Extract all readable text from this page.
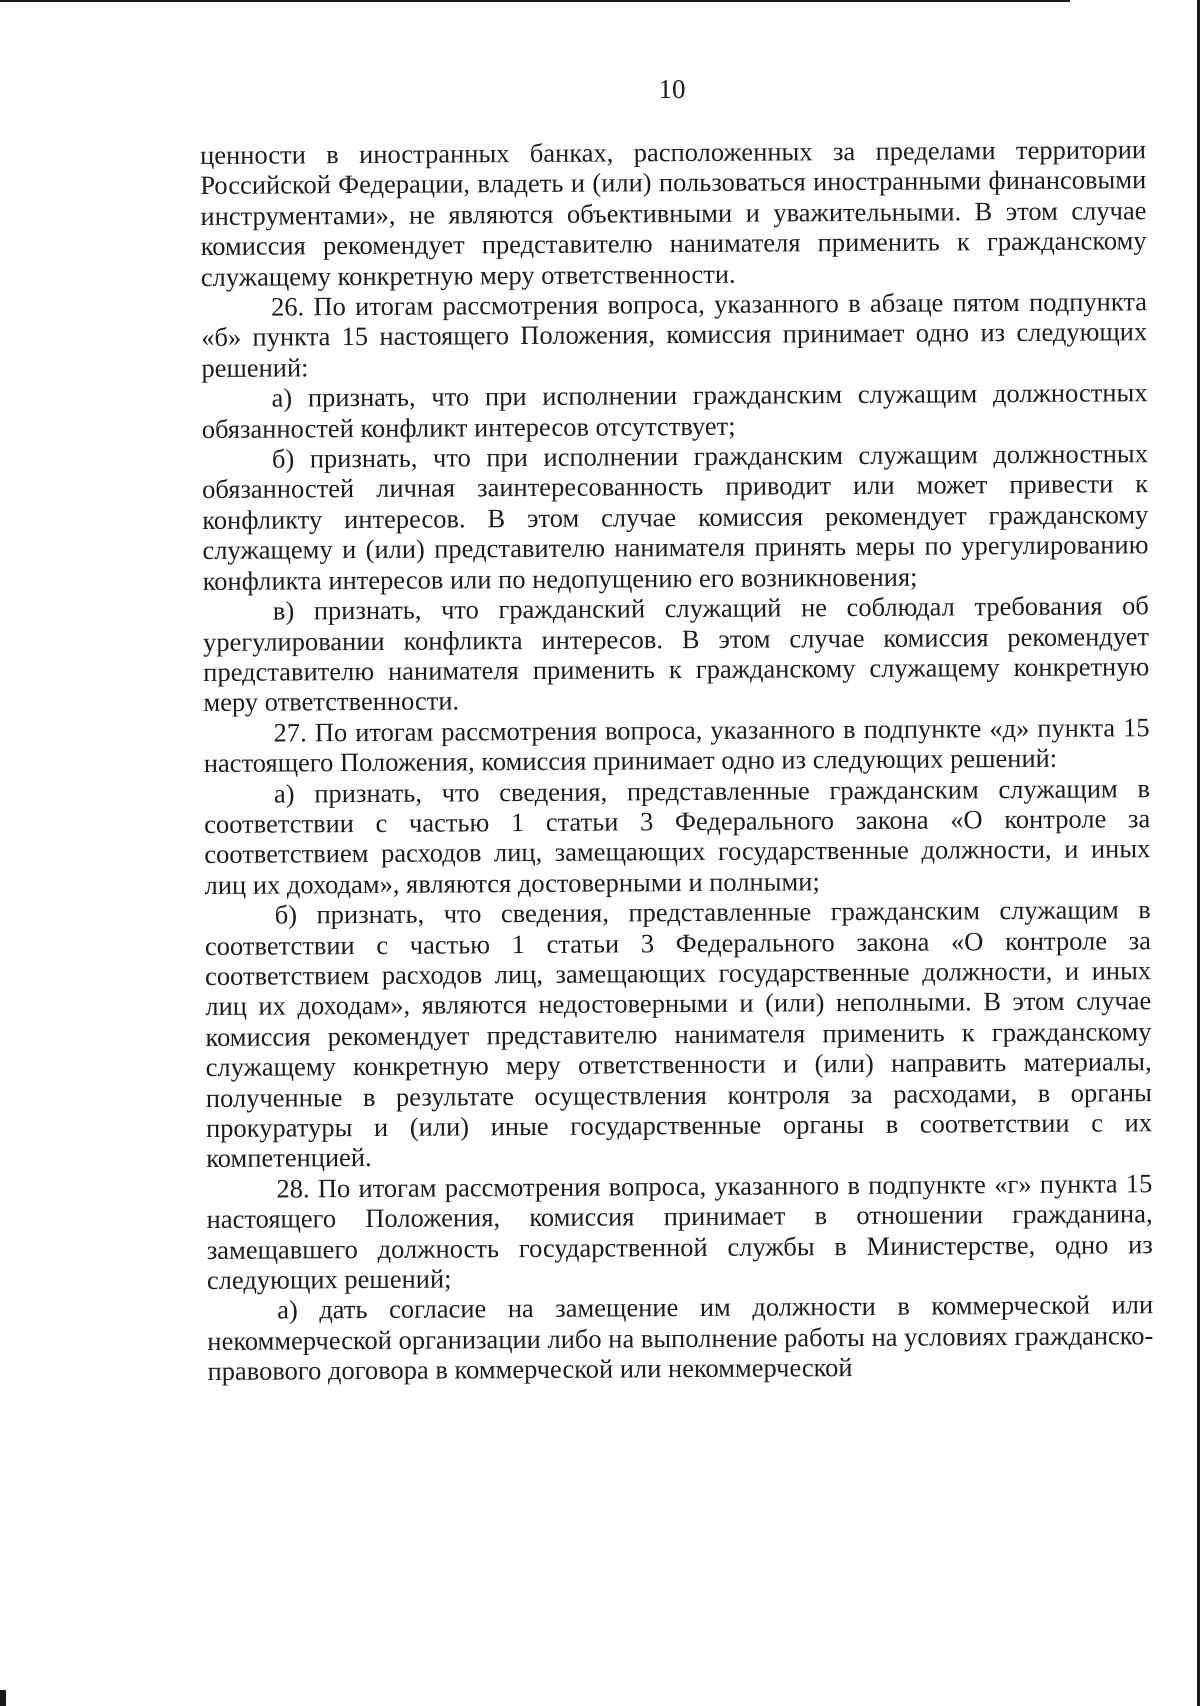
10

ценности в иностранных банках, расположенных за пределами территории Российской Федерации, владеть и (или) пользоваться иностранными финансовыми инструментами», не являются объективными и уважительными. В этом случае комиссия рекомендует представителю нанимателя применить к гражданскому служащему конкретную меру ответственности.

26. По итогам рассмотрения вопроса, указанного в абзаце пятом подпункта «б» пункта 15 настоящего Положения, комиссия принимает одно из следующих решений:

а) признать, что при исполнении гражданским служащим должностных обязанностей конфликт интересов отсутствует;

б) признать, что при исполнении гражданским служащим должностных обязанностей личная заинтересованность приводит или может привести к конфликту интересов. В этом случае комиссия рекомендует гражданскому служащему и (или) представителю нанимателя принять меры по урегулированию конфликта интересов или по недопущению его возникновения;

в) признать, что гражданский служащий не соблюдал требования об урегулировании конфликта интересов. В этом случае комиссия рекомендует представителю нанимателя применить к гражданскому служащему конкретную меру ответственности.

27. По итогам рассмотрения вопроса, указанного в подпункте «д» пункта 15 настоящего Положения, комиссия принимает одно из следующих решений:

а) признать, что сведения, представленные гражданским служащим в соответствии с частью 1 статьи 3 Федерального закона «О контроле за соответствием расходов лиц, замещающих государственные должности, и иных лиц их доходам», являются достоверными и полными;

б) признать, что сведения, представленные гражданским служащим в соответствии с частью 1 статьи 3 Федерального закона «О контроле за соответствием расходов лиц, замещающих государственные должности, и иных лиц их доходам», являются недостоверными и (или) неполными. В этом случае комиссия рекомендует представителю нанимателя применить к гражданскому служащему конкретную меру ответственности и (или) направить материалы, полученные в результате осуществления контроля за расходами, в органы прокуратуры и (или) иные государственные органы в соответствии с их компетенцией.

28. По итогам рассмотрения вопроса, указанного в подпункте «г» пункта 15 настоящего Положения, комиссия принимает в отношении гражданина, замещавшего должность государственной службы в Министерстве, одно из следующих решений;

а) дать согласие на замещение им должности в коммерческой или некоммерческой организации либо на выполнение работы на условиях гражданско-правового договора в коммерческой или некоммерческой
